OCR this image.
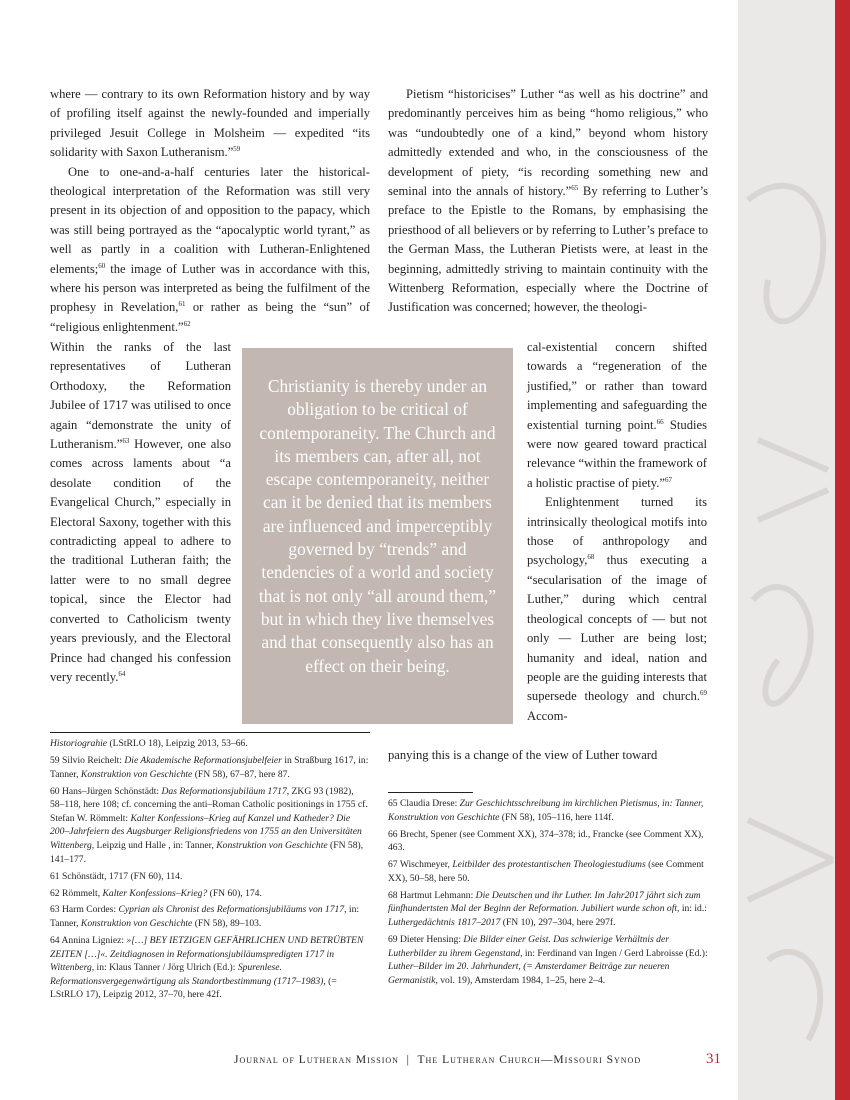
where — contrary to its own Reformation history and by way of profiling itself against the newly-founded and imperially privileged Jesuit College in Molsheim — expedited “its solidarity with Saxon Lutheranism.”$^{59}$

One to one-and-a-half centuries later the historical-theological interpretation of the Reformation was still very present in its objection of and opposition to the papacy, which was still being portrayed as the “apocalyptic world tyrant,” as well as partly in a coalition with Lutheran-Enlightened elements;$^{60}$ the image of Luther was in accordance with this, where his person was interpreted as being the fulfilment of the prophesy in Revelation,$^{61}$ or rather as being the “sun” of “religious enlightenment.”$^{62}$

Within the ranks of the last representatives of Lutheran Orthodoxy, the Reformation Jubilee of 1717 was utilised to once again “demonstrate the unity of Lutheranism.”$^{63}$ However, one also comes across laments about “a desolate condition of the Evangelical Church,” especially in Electoral Saxony, together with this contradicting appeal to adhere to the traditional Lutheran faith; the latter were to no small degree topical, since the Elector had converted to Catholicism twenty years previously, and the Electoral Prince had changed his confession very recently.$^{64}$

Christianity is thereby under an obligation to be critical of contemporaneity. The Church and its members can, after all, not escape contemporaneity, neither can it be denied that its members are influenced and imperceptibly governed by “trends” and tendencies of a world and society that is not only “all around them,” but in which they live themselves and that consequently also has an effect on their being.

Pietism “historicises” Luther “as well as his doctrine” and predominantly perceives him as being “homo religious,” who was “undoubtedly one of a kind,” beyond whom history admittedly extended and who, in the consciousness of the development of piety, “is recording something new and seminal into the annals of history.”$^{65}$ By referring to Luther’s preface to the Epistle to the Romans, by emphasising the priesthood of all believers or by referring to Luther’s preface to the German Mass, the Lutheran Pietists were, at least in the beginning, admittedly striving to maintain continuity with the Wittenberg Reformation, especially where the Doctrine of Justification was concerned; however, the theologi-

cal-existential concern shifted towards a “regeneration of the justified,” or rather than toward implementing and safeguarding the existential turning point.$^{66}$ Studies were now geared toward practical relevance “within the framework of a holistic practise of piety.”$^{67}$

Enlightenment turned its intrinsically theological motifs into those of anthropology and psychology,$^{68}$ thus executing a “secularisation of the image of Luther,” during which central theological concepts of — but not only — Luther are being lost; humanity and ideal, nation and people are the guiding interests that supersede theology and church.$^{69}$ Accom-

panying this is a change of the view of Luther toward

Historiograhie (LStRLO 18), Leipzig 2013, 53–66.

59 Silvio Reichelt: Die Akademische Reformationsjubelfeier in Straßburg 1617, in: Tanner, Konstruktion von Geschichte (FN 58), 67–87, here 87.

60 Hans–Jürgen Schönstädt: Das Reformationsjubiläum 1717, ZKG 93 (1982), 58–118, here 108; cf. concerning the anti–Roman Catholic positionings in 1755 cf. Stefan W. Römmelt: Kalter Konfessions–Krieg auf Kanzel und Katheder? Die 200–Jahrfeiern des Augsburger Religionsfriedens von 1755 an den Universitäten Wittenberg, Leipzig und Halle , in: Tanner, Konstruktion von Geschichte (FN 58), 141–177.

61 Schönstädt, 1717 (FN 60), 114.

62 Römmelt, Kalter Konfessions–Krieg? (FN 60), 174.

63 Harm Cordes: Cyprian als Chronist des Reformationsjubiläums von 1717, in: Tanner, Konstruktion von Geschichte (FN 58), 89–103.

64 Annina Ligniez: »[…] BEY IETZIGEN GEFÄHRLICHEN UND BETRÜBTEN ZEITEN […]«. Zeitdiagnosen in Reformationsjubiläumspredigten 1717 in Wittenberg, in: Klaus Tanner / Jörg Ulrich (Ed.): Spurenlese. Reformationsvergegenwärtigung als Standortbestimmung (1717–1983), (= LStRLO 17), Leipzig 2012, 37–70, here 42f.

65 Claudia Drese: Zur Geschichtsschreibung im kirchlichen Pietismus, in: Tanner, Konstruktion von Geschichte (FN 58), 105–116, here 114f.

66 Brecht, Spener (see Comment XX), 374–378; id., Francke (see Comment XX), 463.

67 Wischmeyer, Leitbilder des protestantischen Theologiestudiums (see Comment XX), 50–58, here 50.

68 Hartmut Lehmann: Die Deutschen und ihr Luther. Im Jahr2017 jährt sich zum fünfhundertsten Mal der Beginn der Reformation. Jubiliert wurde schon oft, in: id.: Luthergedächtnis 1817–2017 (FN 10), 297–304, here 297f.

69 Dieter Hensing: Die Bilder einer Geist. Das schwierige Verhältnis der Lutherbilder zu ihrem Gegenstand, in: Ferdinand van Ingen / Gerd Labroisse (Ed.): Luther–Bilder im 20. Jahrhundert, (= Amsterdamer Beiträge zur neueren Germanistik, vol. 19), Amsterdam 1984, 1–25, here 2–4.

Journal of Lutheran Mission | The Lutheran Church—Missouri Synod	31
